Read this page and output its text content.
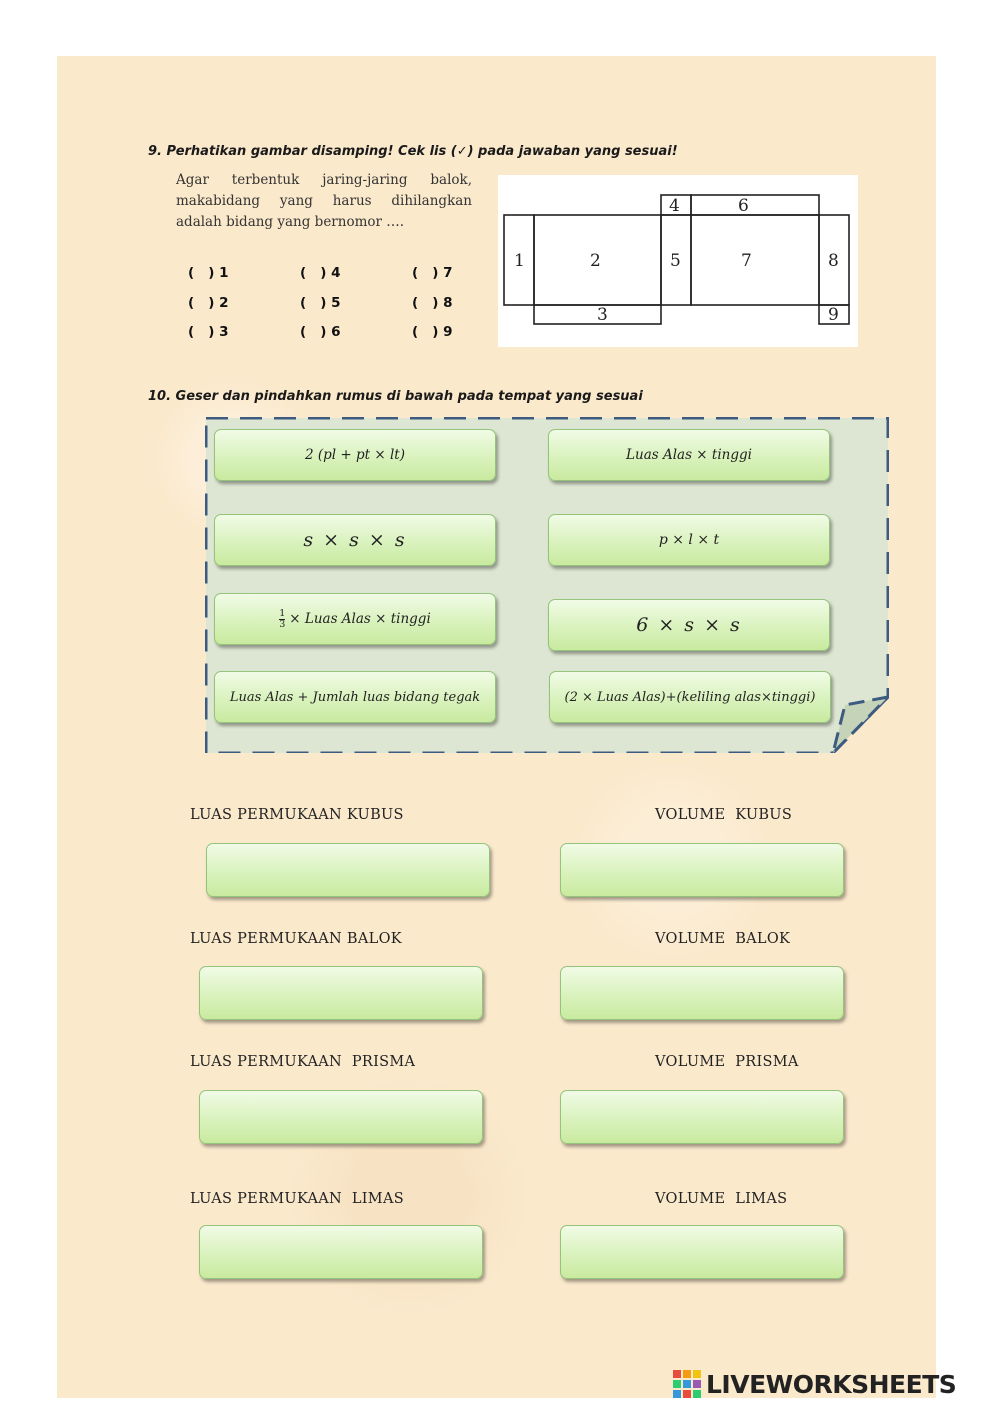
9. Perhatikan gambar disamping! Cek lis (✓) pada jawaban yang sesuai!
Agar terbentuk jaring-jaring balok, makabidang yang harus dihilangkan adalah bidang yang bernomor ….
(   ) 1	(   ) 4	(   ) 7
(   ) 2	(   ) 5	(   ) 8
(   ) 3	(   ) 6	(   ) 9
1	2
3
4
5
6
7	8
9
10. Geser dan pindahkan rumus di bawah pada tempat yang sesuai
2 (pl + pt × lt)	Luas Alas × tinggi
s × s × s	p × l × t
$\frac{1}{3}$ × Luas Alas × tinggi	6 × s × s
Luas Alas + Jumlah luas bidang tegak	(2 × Luas Alas)+(keliling alas×tinggi)
LUAS PERMUKAAN KUBUS	VOLUME  KUBUS
LUAS PERMUKAAN BALOK	VOLUME  BALOK
LUAS PERMUKAAN  PRISMA	VOLUME  PRISMA
LUAS PERMUKAAN  LIMAS	VOLUME  LIMAS
LIVEWORKSHEETS
